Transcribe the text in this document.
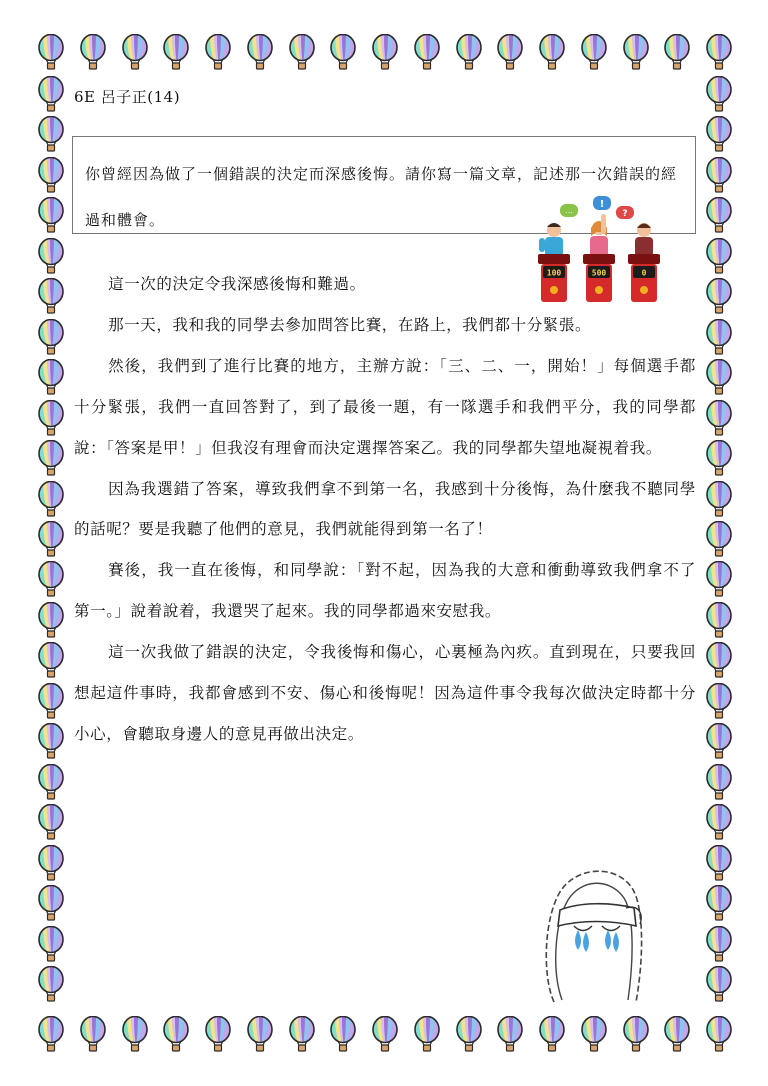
6E 呂子正(14)

你曾經因為做了一個錯誤的決定而深感後悔。請你寫一篇文章，記述那一次錯誤的經過和體會。

...
!
?
100	500	0

這一次的決定令我深感後悔和難過。

那一天，我和我的同學去參加問答比賽，在路上，我們都十分緊張。

然後，我們到了進行比賽的地方，主辦方說：「三、二、一，開始！」每個選手都十分緊張，我們一直回答對了，到了最後一題，有一隊選手和我們平分，我的同學都說：「答案是甲！」但我沒有理會而決定選擇答案乙。我的同學都失望地凝視着我。

因為我選錯了答案，導致我們拿不到第一名，我感到十分後悔，為什麼我不聽同學的話呢？要是我聽了他們的意見，我們就能得到第一名了！

賽後，我一直在後悔，和同學說：「對不起，因為我的大意和衝動導致我們拿不了第一。」說着說着，我還哭了起來。我的同學都過來安慰我。

這一次我做了錯誤的決定，令我後悔和傷心，心裏極為內疚。直到現在，只要我回想起這件事時，我都會感到不安、傷心和後悔呢！因為這件事令我每次做決定時都十分小心，會聽取身邊人的意見再做出決定。
